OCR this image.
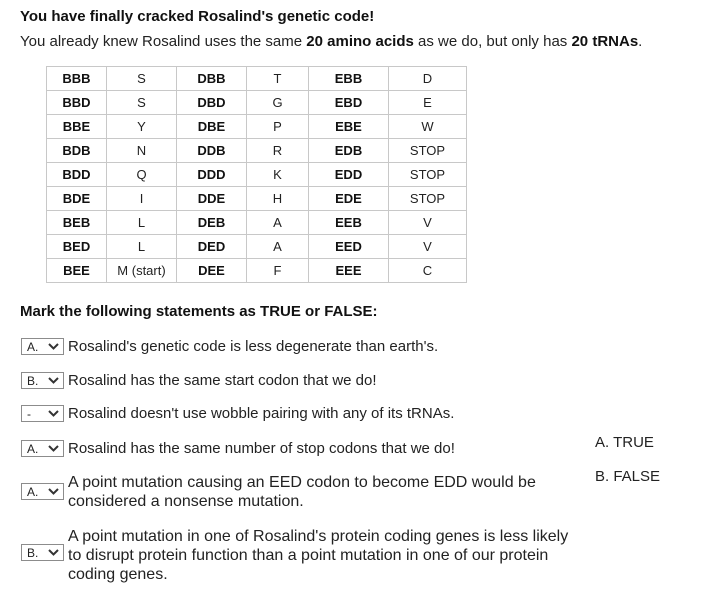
You have finally cracked Rosalind's genetic code!
You already knew Rosalind uses the same 20 amino acids as we do, but only has 20 tRNAs.
BBB	S	DBB	T	EBB	D
BBD	S	DBD	G	EBD	E
BBE	Y	DBE	P	EBE	W
BDB	N	DDB	R	EDB	STOP
BDD	Q	DDD	K	EDD	STOP
BDE	I	DDE	H	EDE	STOP
BEB	L	DEB	A	EEB	V
BED	L	DED	A	EED	V
BEE	M (start)	DEE	F	EEE	C
Mark the following statements as TRUE or FALSE:
A. Rosalind's genetic code is less degenerate than earth's.
B. Rosalind has the same start codon that we do!
- Rosalind doesn't use wobble pairing with any of its tRNAs.
A. Rosalind has the same number of stop codons that we do!
A.
A point mutation causing an EED codon to become EDD would be considered a nonsense mutation.
B.
A point mutation in one of Rosalind's protein coding genes is less likely to disrupt protein function than a point mutation in one of our protein coding genes.
A. TRUE
B. FALSE
